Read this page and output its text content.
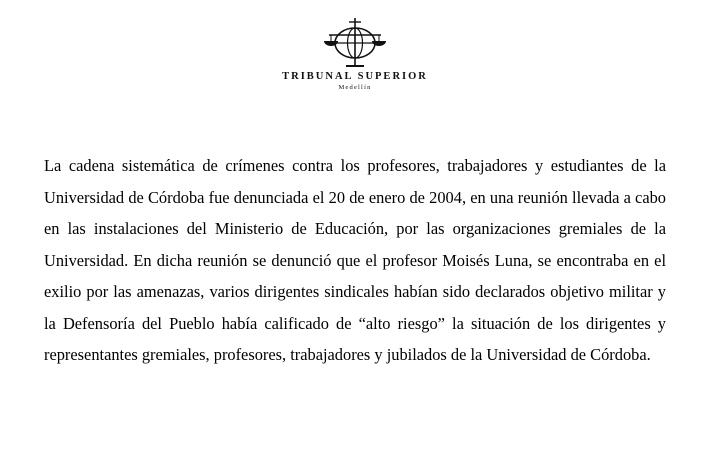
TRIBUNAL SUPERIOR
Medellín

La cadena sistemática de crímenes contra los profesores, trabajadores y estudiantes de la Universidad de Córdoba fue denunciada el 20 de enero de 2004, en una reunión llevada a cabo en las instalaciones del Ministerio de Educación, por las organizaciones gremiales de la Universidad. En dicha reunión se denunció que el profesor Moisés Luna, se encontraba en el exilio por las amenazas, varios dirigentes sindicales habían sido declarados objetivo militar y la Defensoría del Pueblo había calificado de “alto riesgo” la situación de los dirigentes y representantes gremiales, profesores, trabajadores y jubilados de la Universidad de Córdoba.
